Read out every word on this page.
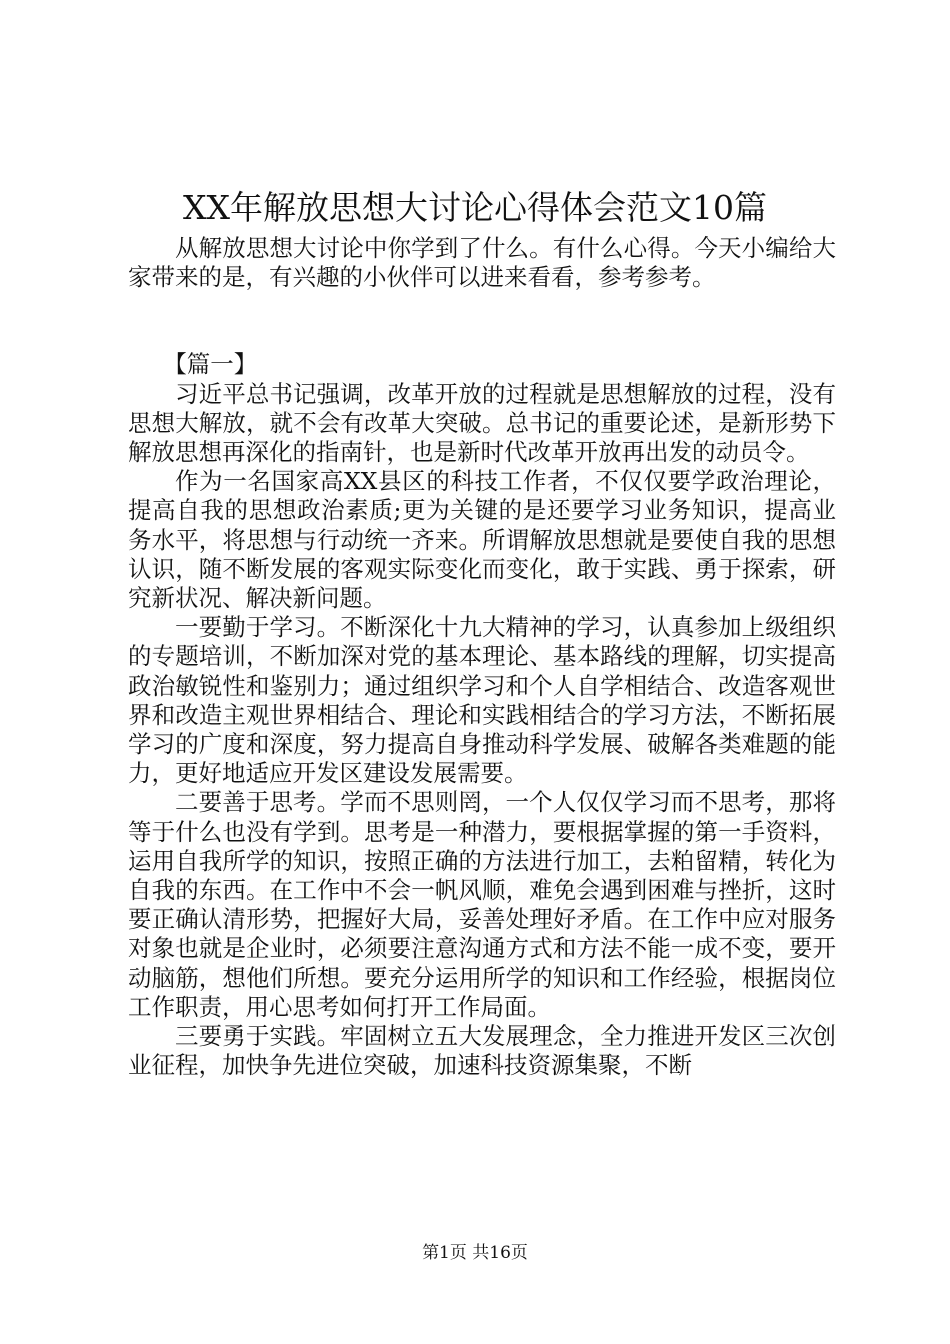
XX年解放思想大讨论心得体会范文10篇

从解放思想大讨论中你学到了什么。有什么心得。今天小编给大家带来的是，有兴趣的小伙伴可以进来看看，参考参考。

【篇一】

习近平总书记强调，改革开放的过程就是思想解放的过程，没有思想大解放，就不会有改革大突破。总书记的重要论述，是新形势下解放思想再深化的指南针，也是新时代改革开放再出发的动员令。

作为一名国家高XX县区的科技工作者，不仅仅要学政治理论，提高自我的思想政治素质;更为关键的是还要学习业务知识，提高业务水平，将思想与行动统一齐来。所谓解放思想就是要使自我的思想认识，随不断发展的客观实际变化而变化，敢于实践、勇于探索，研究新状况、解决新问题。

一要勤于学习。不断深化十九大精神的学习，认真参加上级组织的专题培训，不断加深对党的基本理论、基本路线的理解，切实提高政治敏锐性和鉴别力；通过组织学习和个人自学相结合、改造客观世界和改造主观世界相结合、理论和实践相结合的学习方法，不断拓展学习的广度和深度，努力提高自身推动科学发展、破解各类难题的能力，更好地适应开发区建设发展需要。

二要善于思考。学而不思则罔，一个人仅仅学习而不思考，那将等于什么也没有学到。思考是一种潜力，要根据掌握的第一手资料，运用自我所学的知识，按照正确的方法进行加工，去粕留精，转化为自我的东西。在工作中不会一帆风顺，难免会遇到困难与挫折，这时要正确认清形势，把握好大局，妥善处理好矛盾。在工作中应对服务对象也就是企业时，必须要注意沟通方式和方法不能一成不变，要开动脑筋，想他们所想。要充分运用所学的知识和工作经验，根据岗位工作职责，用心思考如何打开工作局面。

三要勇于实践。牢固树立五大发展理念，全力推进开发区三次创业征程，加快争先进位突破，加速科技资源集聚，不断

第1页 共16页
